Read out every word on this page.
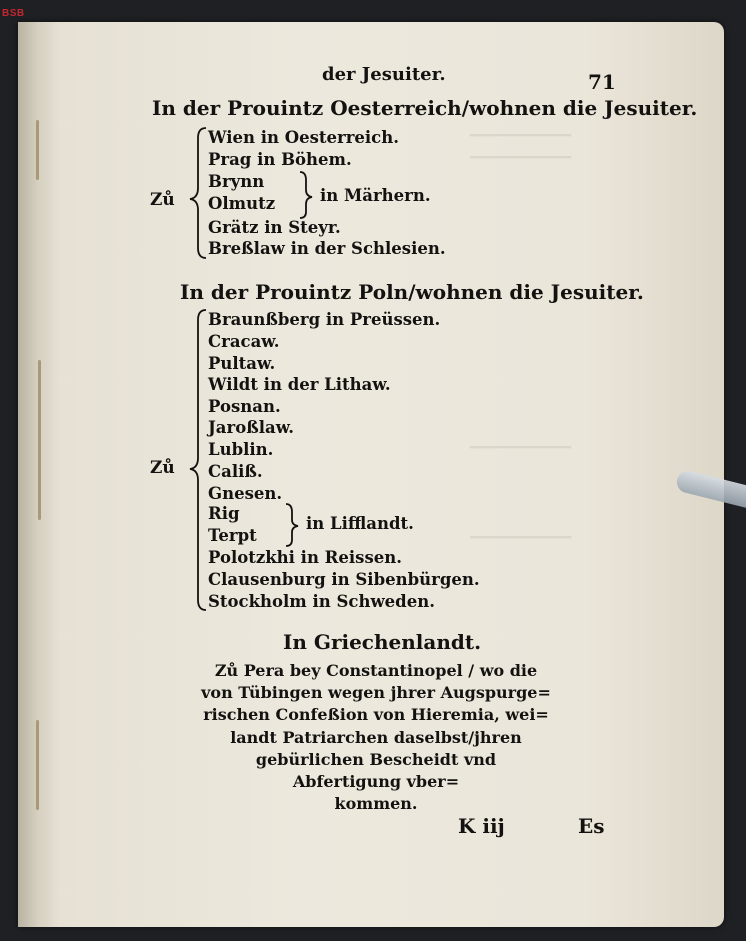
BSB
━━━━━━━━━━━━
━━━━━━━━━━━━
━━━━━━━━━━━━
━━━━━━━━━━━━
der Jesuiter.	71
In der Prouintz Oesterreich/wohnen die Jesuiter.
Zů
Wien in Oesterreich.
Prag in Böhem.
Brynn
Olmutz	in Märhern.
Grätz in Steyr.
Breßlaw in der Schlesien.
In der Prouintz Poln/wohnen die Jesuiter.
Zů
Braunßberg in Preüssen.
Cracaw.
Pultaw.
Wildt in der Lithaw.
Posnan.
Jaroßlaw.
Lublin.
Caliß.
Gnesen.
Rig
Terpt
in Lifflandt.
Polotzkhi in Reissen.
Clausenburg in Sibenbürgen.
Stockholm in Schweden.
In Griechenlandt.
Zů Pera bey Constantinopel / wo die
von Tübingen wegen jhrer Augspurge=
rischen Confeßion von Hieremia, wei=
landt Patriarchen daselbst/jhren
gebürlichen Bescheidt vnd
Abfertigung vber=
kommen.
K iij	Es
